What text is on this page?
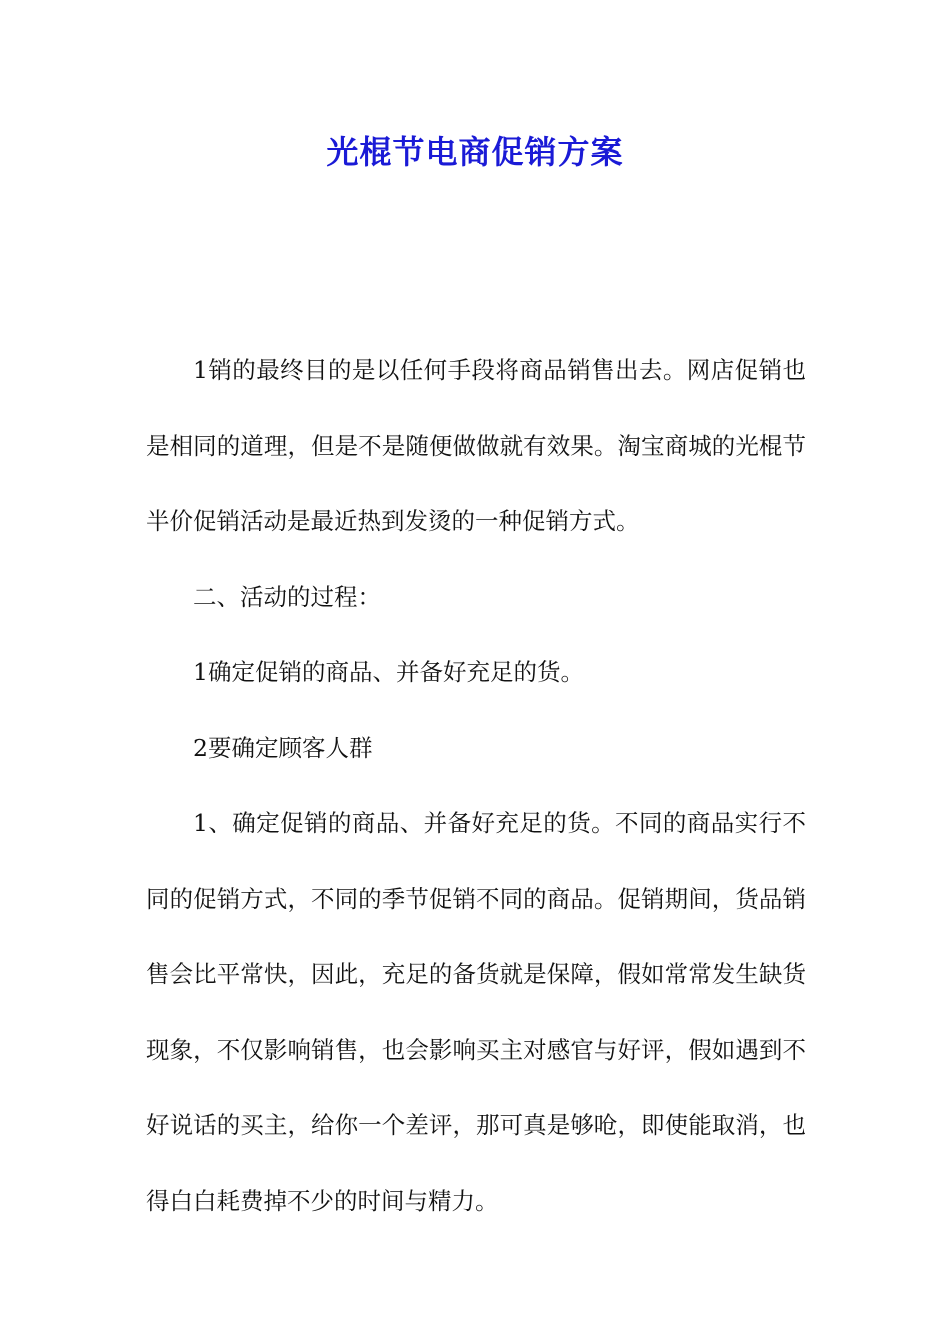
光棍节电商促销方案

1销的最终目的是以任何手段将商品销售出去。网店促销也是相同的道理，但是不是随便做做就有效果。淘宝商城的光棍节半价促销活动是最近热到发烫的一种促销方式。

二、活动的过程：

1确定促销的商品、并备好充足的货。

2要确定顾客人群

1、确定促销的商品、并备好充足的货。不同的商品实行不同的促销方式，不同的季节促销不同的商品。促销期间，货品销售会比平常快，因此，充足的备货就是保障，假如常常发生缺货现象，不仅影响销售，也会影响买主对感官与好评，假如遇到不好说话的买主，给你一个差评，那可真是够呛，即使能取消，也得白白耗费掉不少的时间与精力。
